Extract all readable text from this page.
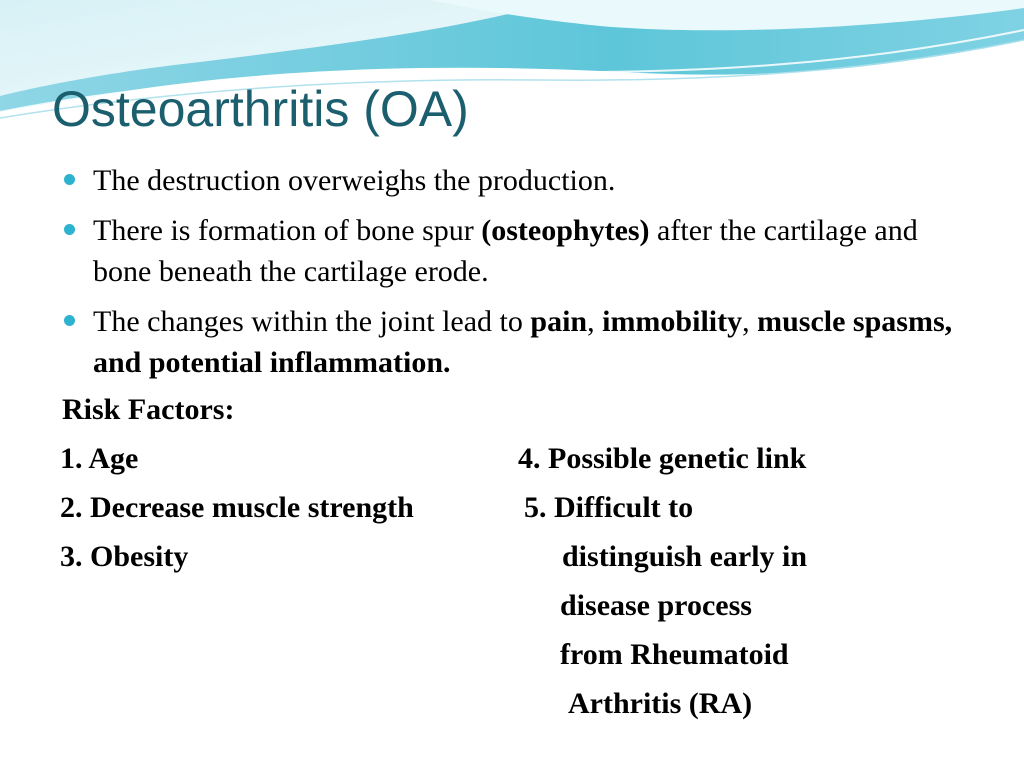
Osteoarthritis (OA)
The destruction overweighs the production.
There is formation of bone spur (osteophytes) after the cartilage and bone beneath the cartilage erode.
The changes within the joint lead to pain, immobility, muscle spasms, and potential inflammation.
Risk Factors:
1. Age
2. Decrease muscle strength
3. Obesity
4. Possible genetic link
5. Difficult to
distinguish early in
disease process
from Rheumatoid
Arthritis (RA)
